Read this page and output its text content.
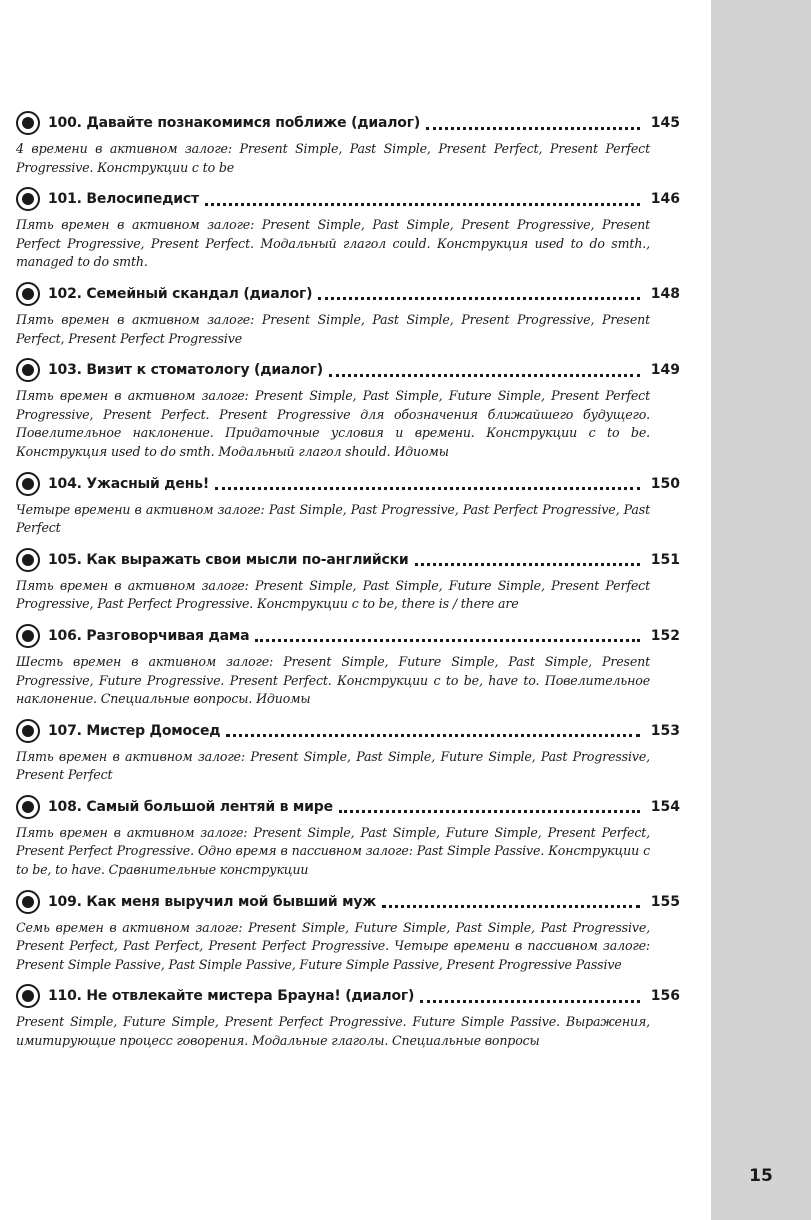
15
100. Давайте познакомимся поближе (диалог)	145

4 времени в активном залоге: Present Simple, Past Simple, Present Perfect, Present Perfect Progressive. Конструкции с to be

101. Велосипедист	146

Пять времен в активном залоге: Present Simple, Past Simple, Present Progressive, Present Perfect Progressive, Present Perfect. Модальный глагол could. Конструкция used to do smth., managed to do smth.

102. Семейный скандал (диалог)	148

Пять времен в активном залоге: Present Simple, Past Simple, Present Progressive, Present Perfect, Present Perfect Progressive

103. Визит к стоматологу (диалог)	149

Пять времен в активном залоге: Present Simple, Past Simple, Future Simple, Present Perfect Progressive, Present Perfect. Present Progressive для обозначения ближайшего будущего. Повелительное наклонение. Придаточные условия и времени. Конструкции с to be. Конструкция used to do smth. Модальный глагол should. Идиомы

104. Ужасный день!	150

Четыре времени в активном залоге: Past Simple, Past Progressive, Past Perfect Progressive, Past Perfect

105. Как выражать свои мысли по-английски	151

Пять времен в активном залоге: Present Simple, Past Simple, Future Simple, Present Perfect Progressive, Past Perfect Progressive. Конструкции с to be, there is / there are

106. Разговорчивая дама	152

Шесть времен в активном залоге: Present Simple, Future Simple, Past Simple, Present Progressive, Future Progressive. Present Perfect. Конструкции с to be, have to. Повелительное наклонение. Специальные вопросы. Идиомы

107. Мистер Домосед	153

Пять времен в активном залоге: Present Simple, Past Simple, Future Simple, Past Progressive, Present Perfect

108. Самый большой лентяй в мире	154

Пять времен в активном залоге: Present Simple, Past Simple, Future Simple, Present Perfect, Present Perfect Progressive. Одно время в пассивном залоге: Past Simple Passive. Конструкции с to be, to have. Сравнительные конструкции

109. Как меня выручил мой бывший муж	155

Семь времен в активном залоге: Present Simple, Future Simple, Past Simple, Past Progressive, Present Perfect, Past Perfect, Present Perfect Progressive. Четыре времени в пассивном залоге: Present Simple Passive, Past Simple Passive, Future Simple Passive, Present Progressive Passive

110. Не отвлекайте мистера Брауна! (диалог)	156

Present Simple, Future Simple, Present Perfect Progressive. Future Simple Passive. Выражения, имитирующие процесс говорения. Модальные глаголы. Специальные вопросы
